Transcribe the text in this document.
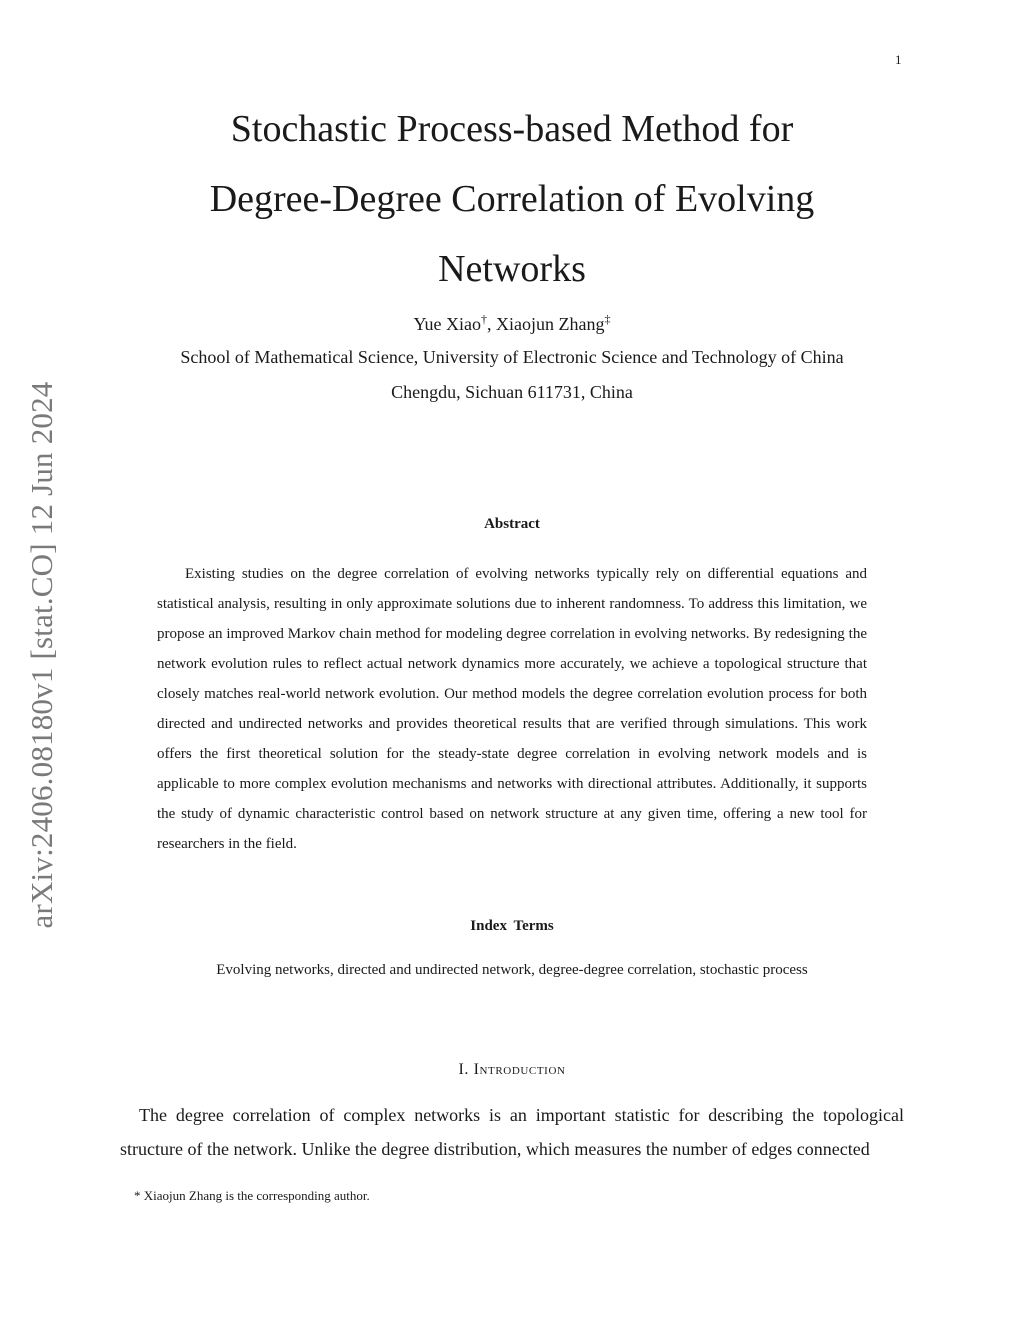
1
arXiv:2406.08180v1 [stat.CO] 12 Jun 2024
Stochastic Process-based Method for
Degree-Degree Correlation of Evolving
Networks
Yue Xiao†, Xiaojun Zhang‡
School of Mathematical Science, University of Electronic Science and Technology of China
Chengdu, Sichuan 611731, China
Abstract

Existing studies on the degree correlation of evolving networks typically rely on differential equations and statistical analysis, resulting in only approximate solutions due to inherent randomness. To address this limitation, we propose an improved Markov chain method for modeling degree correlation in evolving networks. By redesigning the network evolution rules to reflect actual network dynamics more accurately, we achieve a topological structure that closely matches real-world network evolution. Our method models the degree correlation evolution process for both directed and undirected networks and provides theoretical results that are verified through simulations. This work offers the first theoretical solution for the steady-state degree correlation in evolving network models and is applicable to more complex evolution mechanisms and networks with directional attributes. Additionally, it supports the study of dynamic characteristic control based on network structure at any given time, offering a new tool for researchers in the field.

Index Terms
Evolving networks, directed and undirected network, degree-degree correlation, stochastic process
I. Introduction

The degree correlation of complex networks is an important statistic for describing the topological structure of the network. Unlike the degree distribution, which measures the number of edges connected

* Xiaojun Zhang is the corresponding author.
